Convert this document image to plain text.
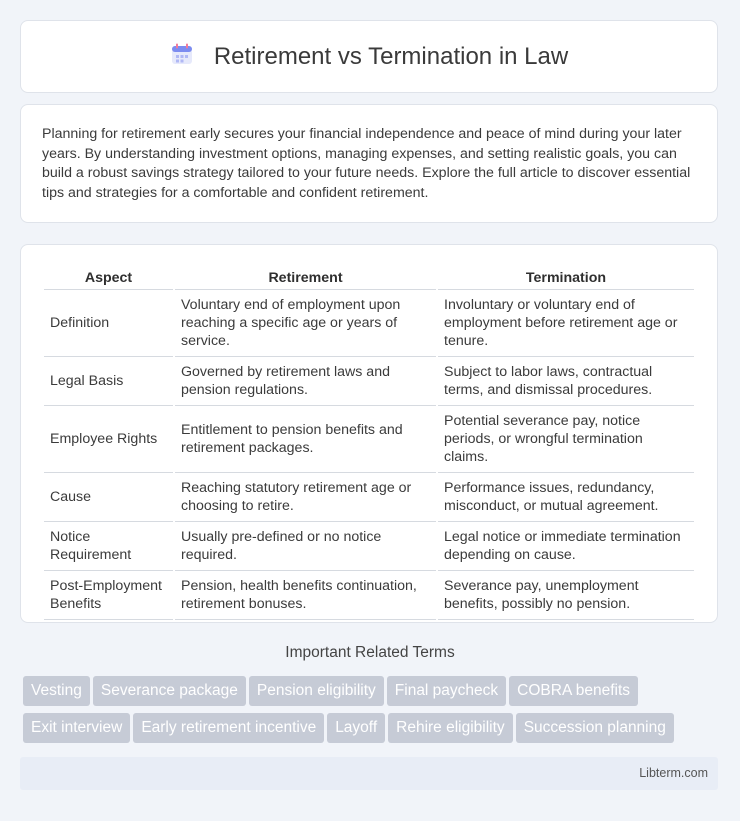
Retirement vs Termination in Law
Planning for retirement early secures your financial independence and peace of mind during your later years. By understanding investment options, managing expenses, and setting realistic goals, you can build a robust savings strategy tailored to your future needs. Explore the full article to discover essential tips and strategies for a comfortable and confident retirement.
Aspect	Retirement	Termination
Definition	Voluntary end of employment upon reaching a specific age or years of service.	Involuntary or voluntary end of employment before retirement age or tenure.
Legal Basis	Governed by retirement laws and pension regulations.	Subject to labor laws, contractual terms, and dismissal procedures.
Employee Rights	Entitlement to pension benefits and retirement packages.	Potential severance pay, notice periods, or wrongful termination claims.
Cause	Reaching statutory retirement age or choosing to retire.	Performance issues, redundancy, misconduct, or mutual agreement.
Notice Requirement	Usually pre-defined or no notice required.	Legal notice or immediate termination depending on cause.
Post-Employment Benefits	Pension, health benefits continuation, retirement bonuses.	Severance pay, unemployment benefits, possibly no pension.
Important Related Terms
Vesting Severance package Pension eligibility Final paycheck COBRA benefits
Exit interview Early retirement incentive Layoff Rehire eligibility Succession planning
Libterm.com
